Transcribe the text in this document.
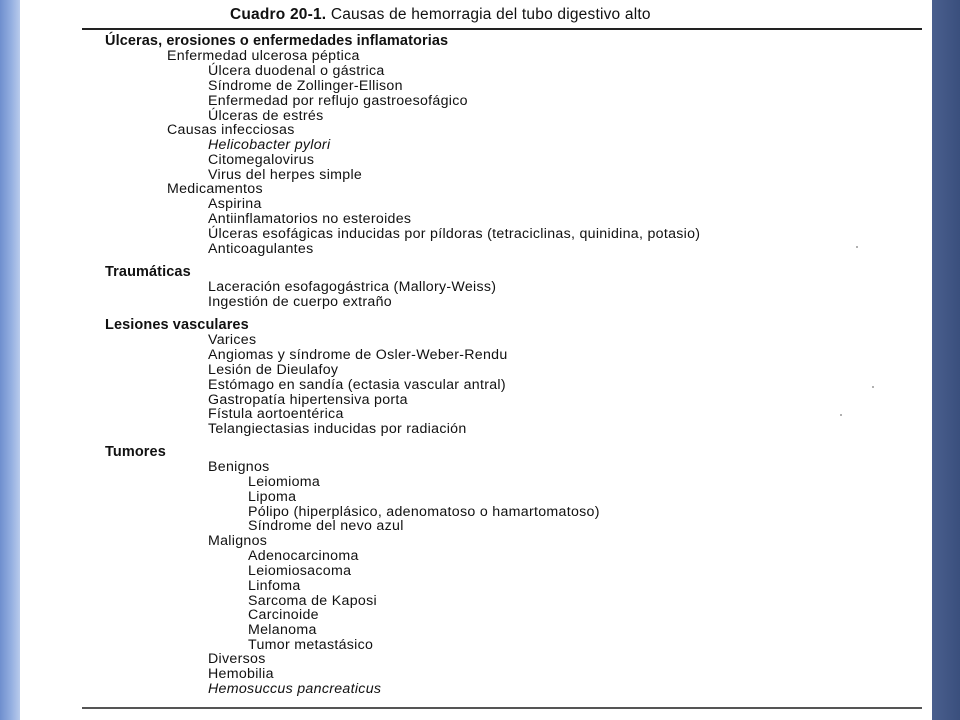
Cuadro 20-1. Causas de hemorragia del tubo digestivo alto
Úlceras, erosiones o enfermedades inflamatorias
Enfermedad ulcerosa péptica
Úlcera duodenal o gástrica
Síndrome de Zollinger-Ellison
Enfermedad por reflujo gastroesofágico
Úlceras de estrés
Causas infecciosas
Helicobacter pylori
Citomegalovirus
Virus del herpes simple
Medicamentos
Aspirina
Antiinflamatorios no esteroides
Úlceras esofágicas inducidas por píldoras (tetraciclinas, quinidina, potasio)
Anticoagulantes
Traumáticas
Laceración esofagogástrica (Mallory-Weiss)
Ingestión de cuerpo extraño
Lesiones vasculares
Varices
Angiomas y síndrome de Osler-Weber-Rendu
Lesión de Dieulafoy
Estómago en sandía (ectasia vascular antral)
Gastropatía hipertensiva porta
Fístula aortoentérica
Telangiectasias inducidas por radiación
Tumores
Benignos
Leiomioma
Lipoma
Pólipo (hiperplásico, adenomatoso o hamartomatoso)
Síndrome del nevo azul
Malignos
Adenocarcinoma
Leiomiosacoma
Linfoma
Sarcoma de Kaposi
Carcinoide
Melanoma
Tumor metastásico
Diversos
Hemobilia
Hemosuccus pancreaticus
